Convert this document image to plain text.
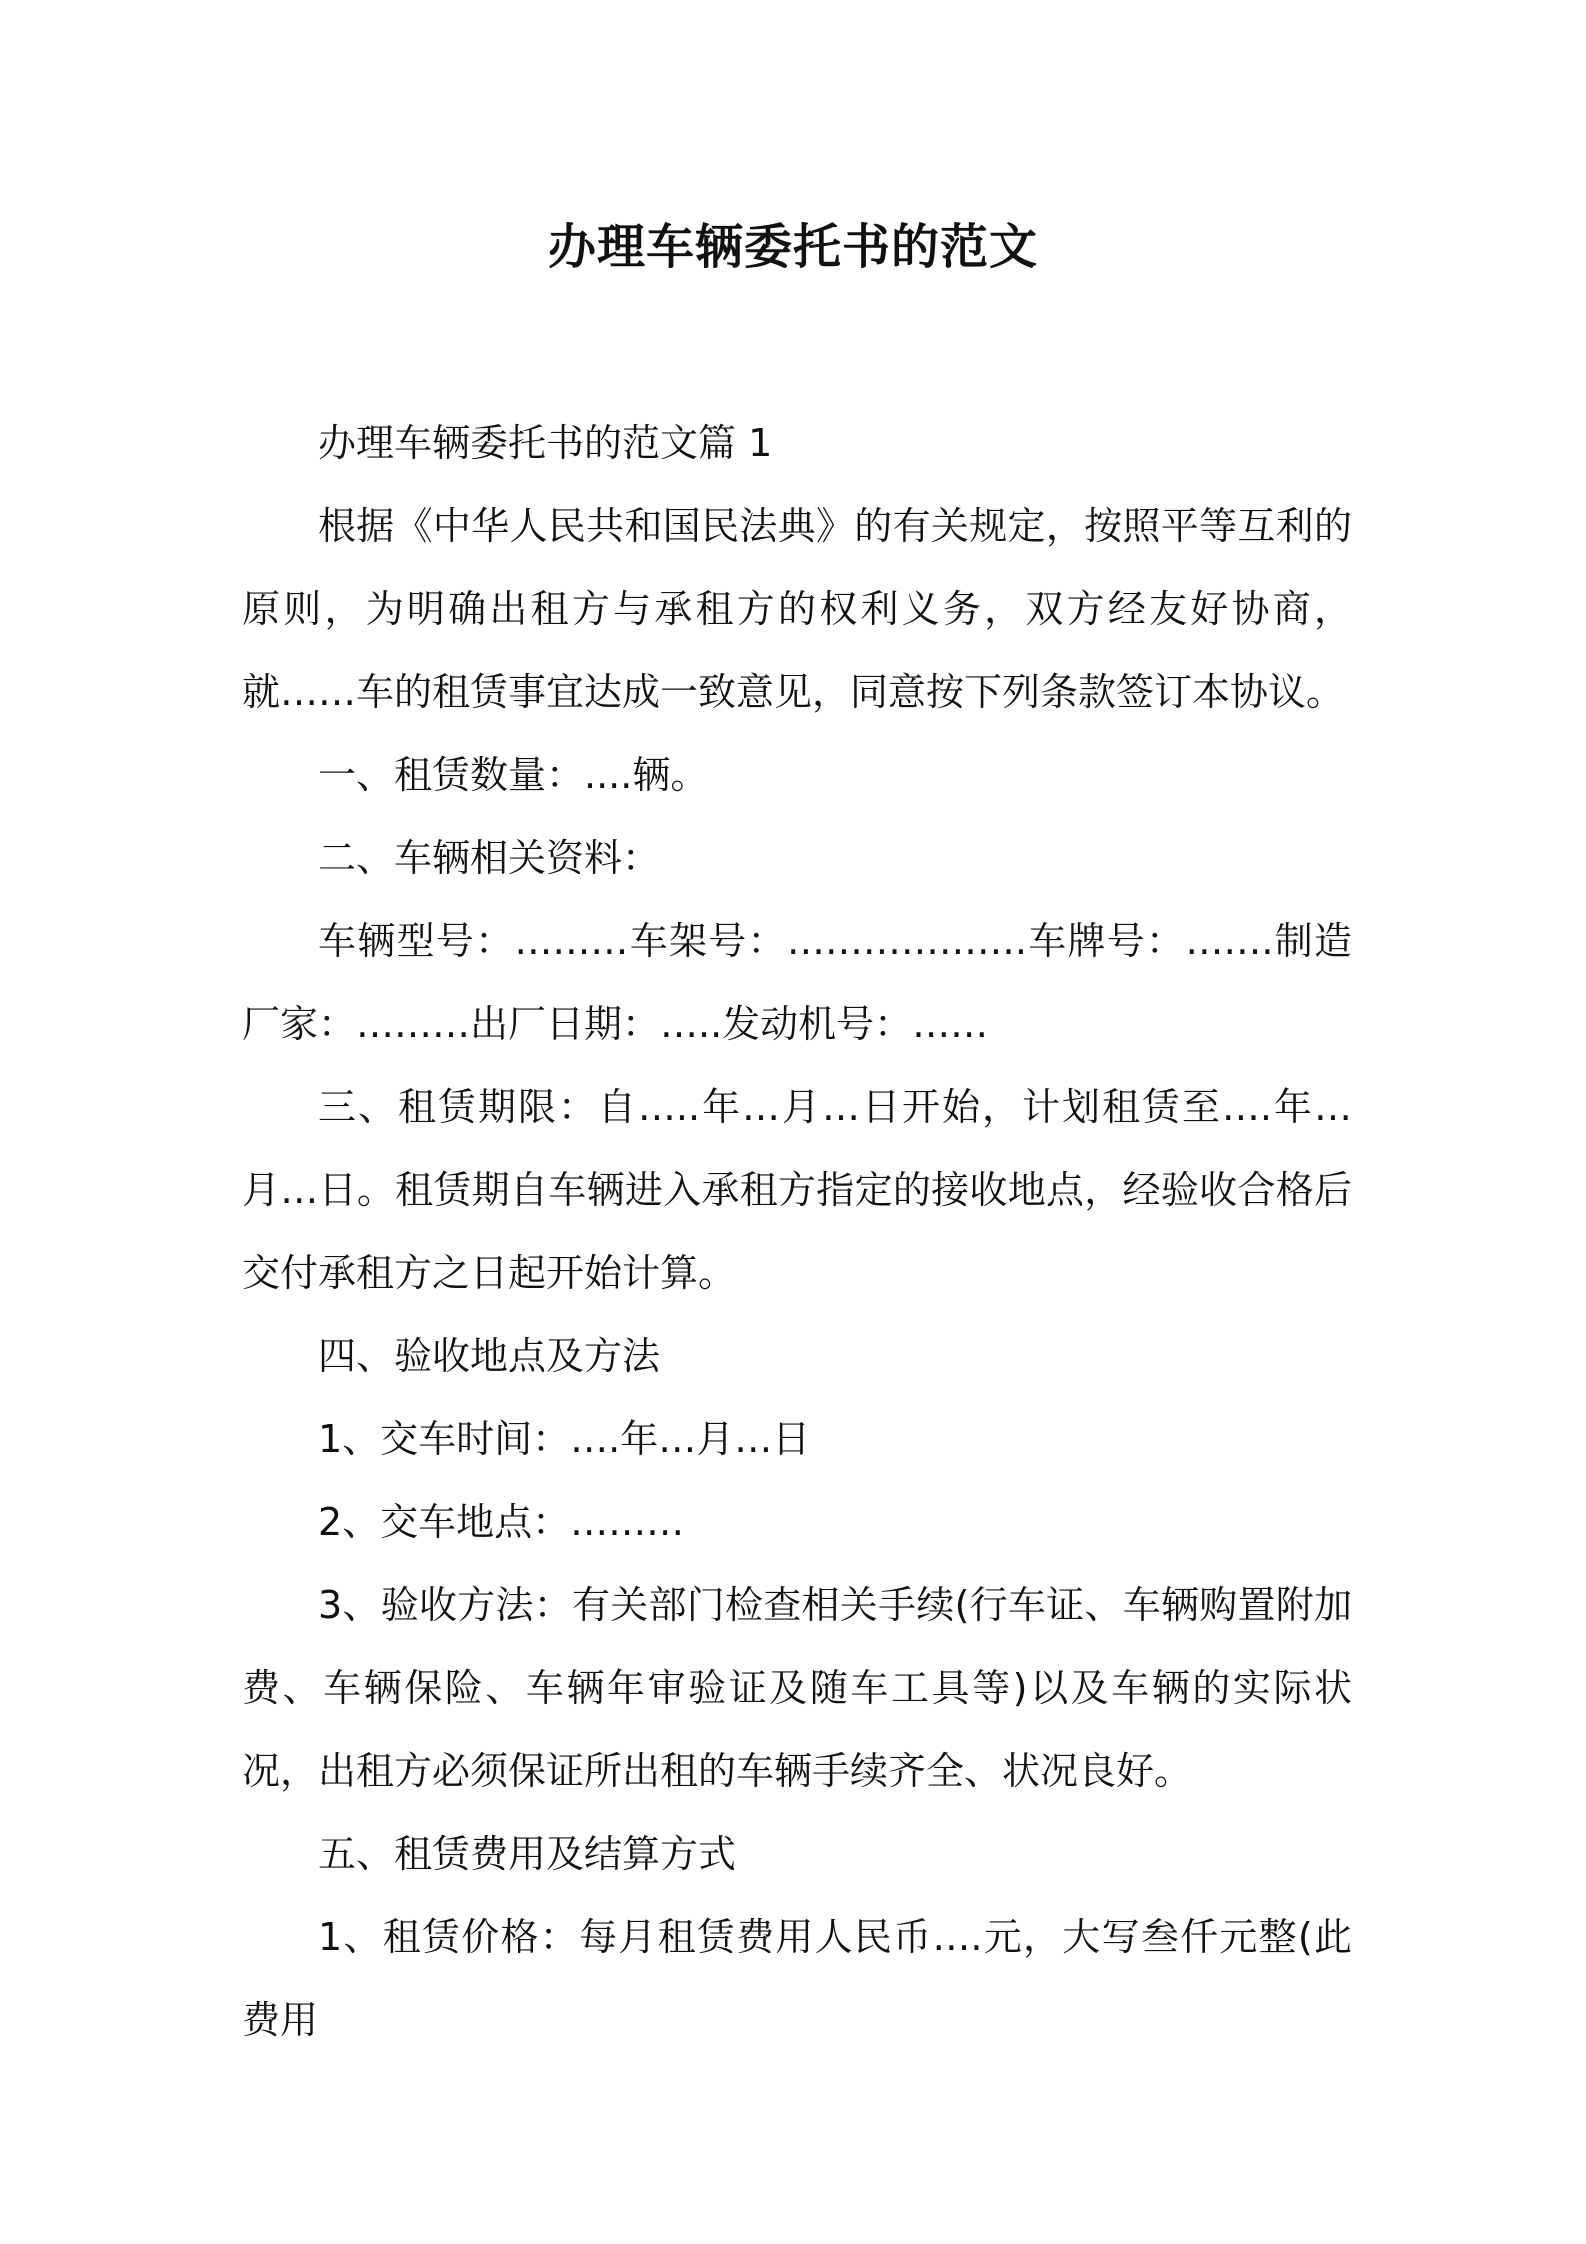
办理车辆委托书的范文

办理车辆委托书的范文篇 1

根据《中华人民共和国民法典》的有关规定，按照平等互利的原则，为明确出租方与承租方的权利义务，双方经友好协商，就……车的租赁事宜达成一致意见，同意按下列条款签订本协议。

一、租赁数量：....辆。

二、车辆相关资料：

车辆型号：………车架号：……………….车牌号：…….制造厂家：………出厂日期：…..发动机号：……

三、租赁期限：自…..年…月…日开始，计划租赁至….年…月…日。租赁期自车辆进入承租方指定的接收地点，经验收合格后交付承租方之日起开始计算。

四、验收地点及方法

1、交车时间：….年…月…日

2、交车地点：………

3、验收方法：有关部门检查相关手续(行车证、车辆购置附加费、车辆保险、车辆年审验证及随车工具等)以及车辆的实际状况，出租方必须保证所出租的车辆手续齐全、状况良好。

五、租赁费用及结算方式

1、租赁价格：每月租赁费用人民币….元，大写叁仟元整(此费用
